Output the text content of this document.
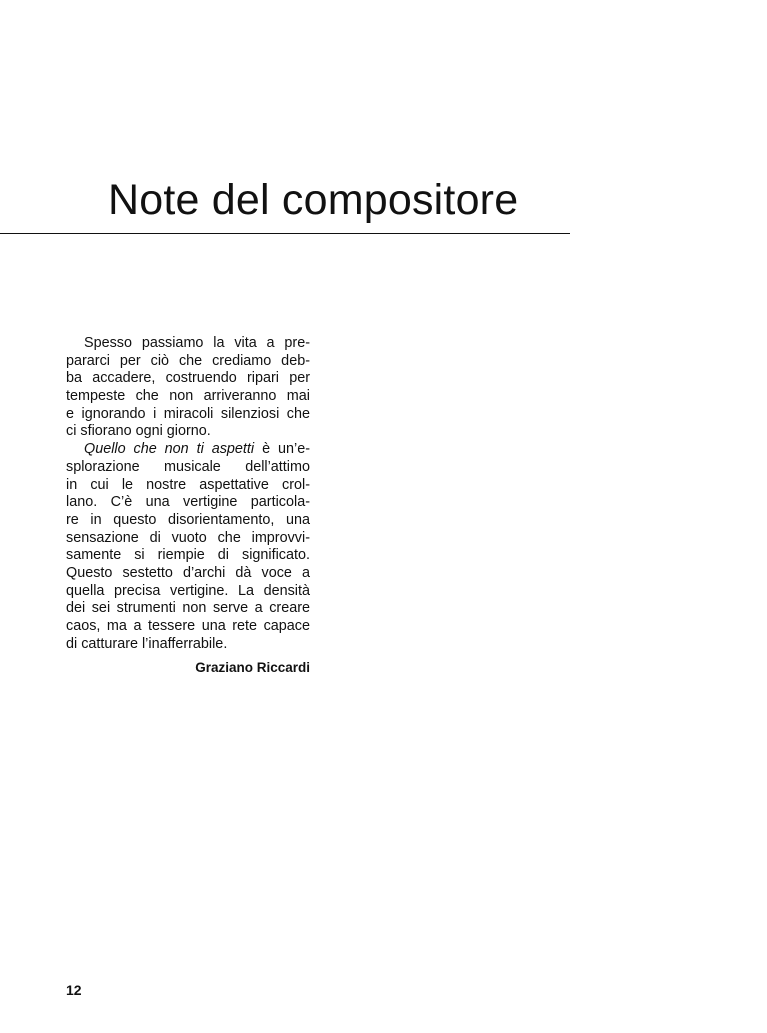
Note del compositore
Spesso passiamo la vita a pre-
pararci per ciò che crediamo deb-
ba accadere, costruendo ripari per
tempeste che non arriveranno mai
e ignorando i miracoli silenziosi che
ci sfiorano ogni giorno.
Quello che non ti aspetti è un’e-
splorazione musicale dell’attimo
in cui le nostre aspettative crol-
lano. C’è una vertigine particola-
re in questo disorientamento, una
sensazione di vuoto che improvvi-
samente si riempie di significato.
Questo sestetto d’archi dà voce a
quella precisa vertigine. La densità
dei sei strumenti non serve a creare
caos, ma a tessere una rete capace
di catturare l’inafferrabile.
Graziano Riccardi
12
